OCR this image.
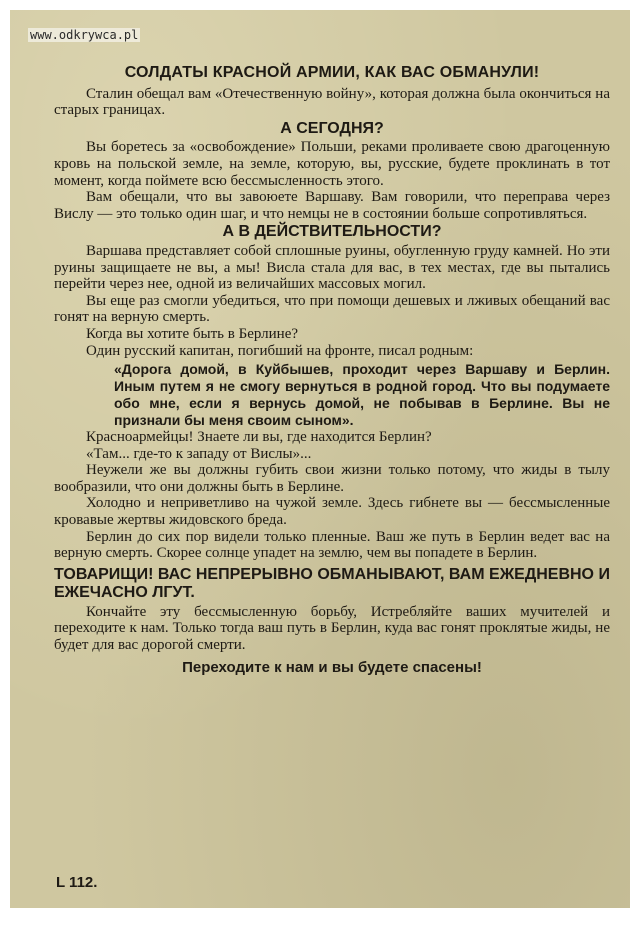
www.odkrywca.pl
СОЛДАТЫ КРАСНОЙ АРМИИ, КАК ВАС ОБМАНУЛИ!

Сталин обещал вам «Отечественную войну», которая должна была окончиться на старых границах.

А СЕГОДНЯ?

Вы боретесь за «освобождение» Польши, реками проливаете свою драгоценную кровь на польской земле, на земле, которую, вы, русские, будете проклинать в тот момент, когда поймете всю бессмысленность этого.

Вам обещали, что вы завоюете Варшаву. Вам говорили, что переправа через Вислу — это только один шаг, и что немцы не в состоянии больше сопротивляться.

А В ДЕЙСТВИТЕЛЬНОСТИ?

Варшава представляет собой сплошные руины, обугленную груду камней. Но эти руины защищаете не вы, а мы! Висла стала для вас, в тех местах, где вы пытались перейти через нее, одной из величайших массовых могил.

Вы еще раз смогли убедиться, что при помощи дешевых и лживых обещаний вас гонят на верную смерть.

Когда вы хотите быть в Берлине?

Один русский капитан, погибший на фронте, писал родным:

«Дорога домой, в Куйбышев, проходит через Варшаву и Берлин. Иным путем я не смогу вернуться в родной город. Что вы подумаете обо мне, если я вернусь домой, не побывав в Берлине. Вы не признали бы меня своим сыном».

Красноармейцы! Знаете ли вы, где находится Берлин?

«Там... где-то к западу от Вислы»...

Неужели же вы должны губить свои жизни только потому, что жиды в тылу вообразили, что они должны быть в Берлине.

Холодно и неприветливо на чужой земле. Здесь гибнете вы — бессмысленные кровавые жертвы жидовского бреда.

Берлин до сих пор видели только пленные. Ваш же путь в Берлин ведет вас на верную смерть. Скорее солнце упадет на землю, чем вы попадете в Берлин.

ТОВАРИЩИ! ВАС НЕПРЕРЫВНО ОБМАНЫВАЮТ, ВАМ ЕЖЕДНЕВНО И ЕЖЕЧАСНО ЛГУТ.

Кончайте эту бессмысленную борьбу, Истребляйте ваших мучителей и переходите к нам. Только тогда ваш путь в Берлин, куда вас гонят проклятые жиды, не будет для вас дорогой смерти.

Переходите к нам и вы будете спасены!
L 112.
